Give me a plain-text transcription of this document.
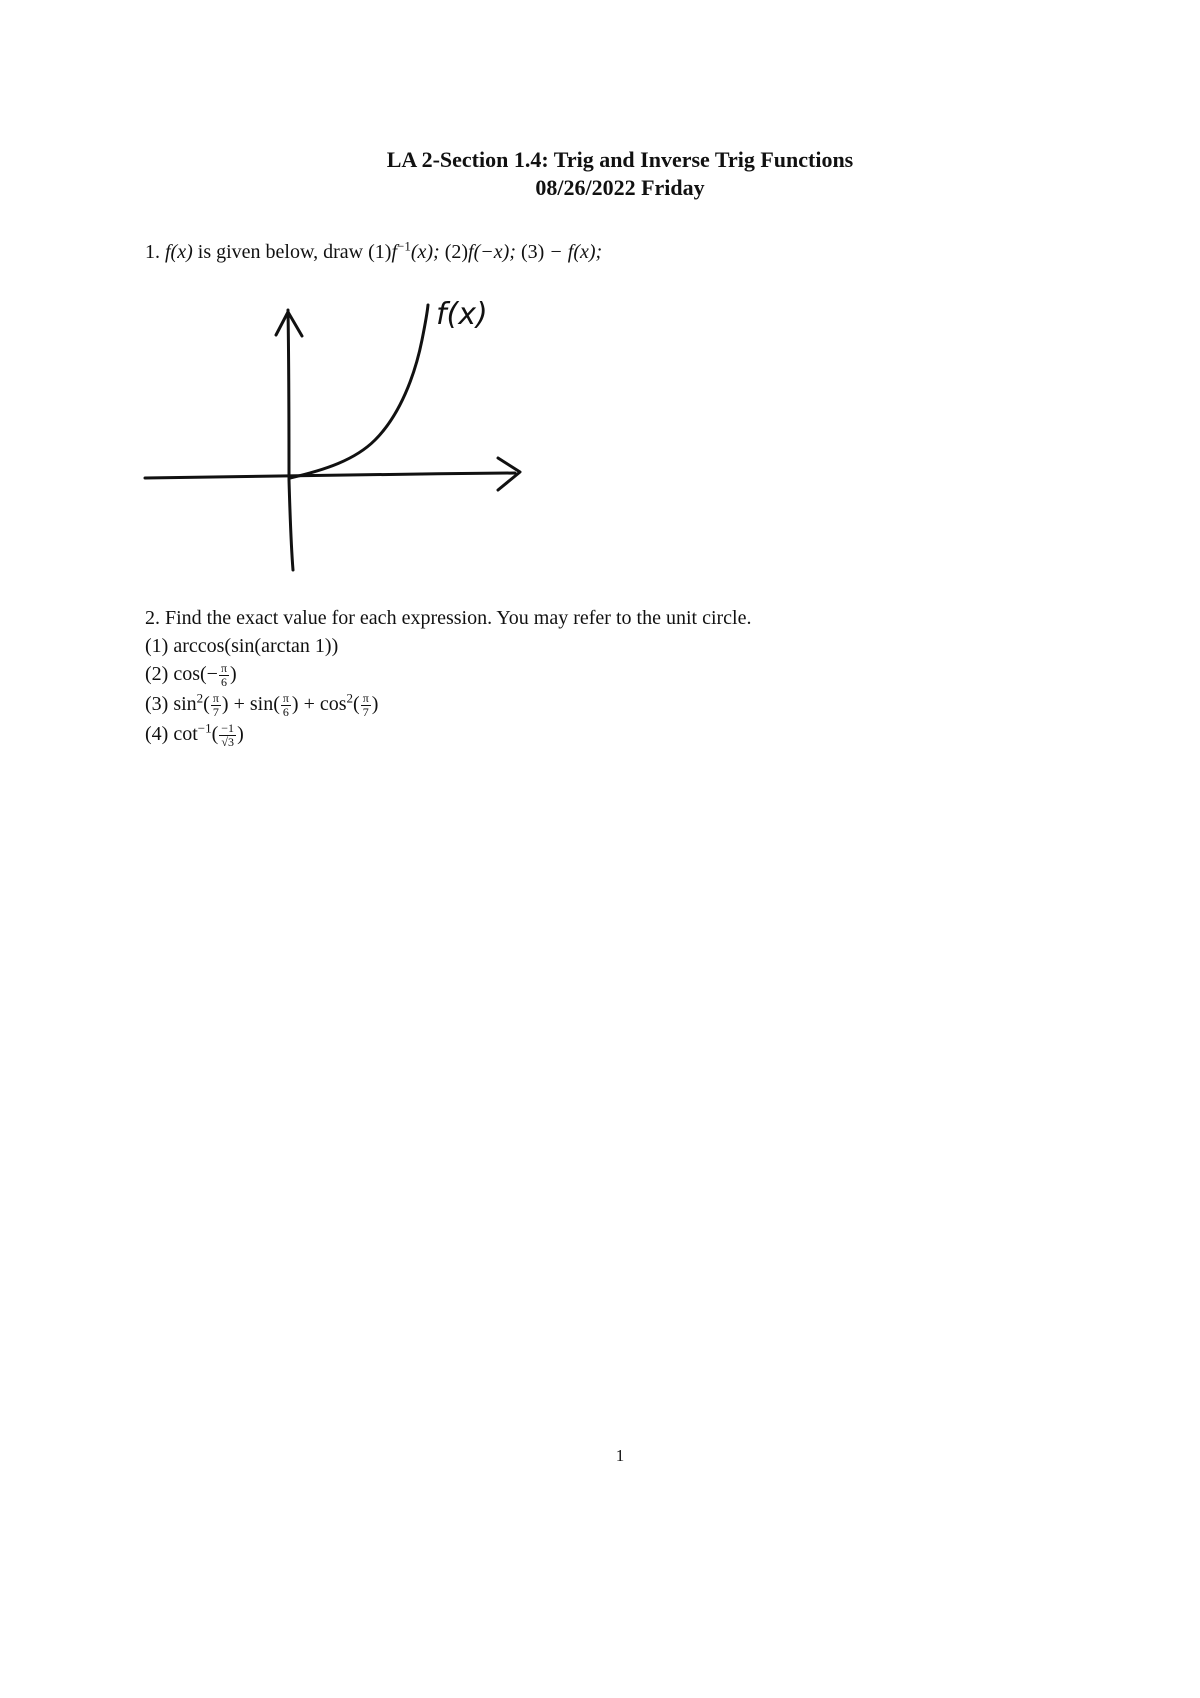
LA 2-Section 1.4: Trig and Inverse Trig Functions
08/26/2022 Friday
1. f(x) is given below, draw $(1)f^{-1}(x)$; (2)f(−x); (3) − f(x);
f(x)
2. Find the exact value for each expression. You may refer to the unit circle.
(1) arccos(sin(arctan 1))
(2) $\cos(- \frac{\pi}{6}$ )
(3) $\sin^2( \frac{\pi}{7}$ ) + $\sin( \frac{\pi}{6}$ ) + $\cos^2( \frac{\pi}{7}$ )
(4) $\cot^{-1}( \frac{-1}{√3}$ )
1
